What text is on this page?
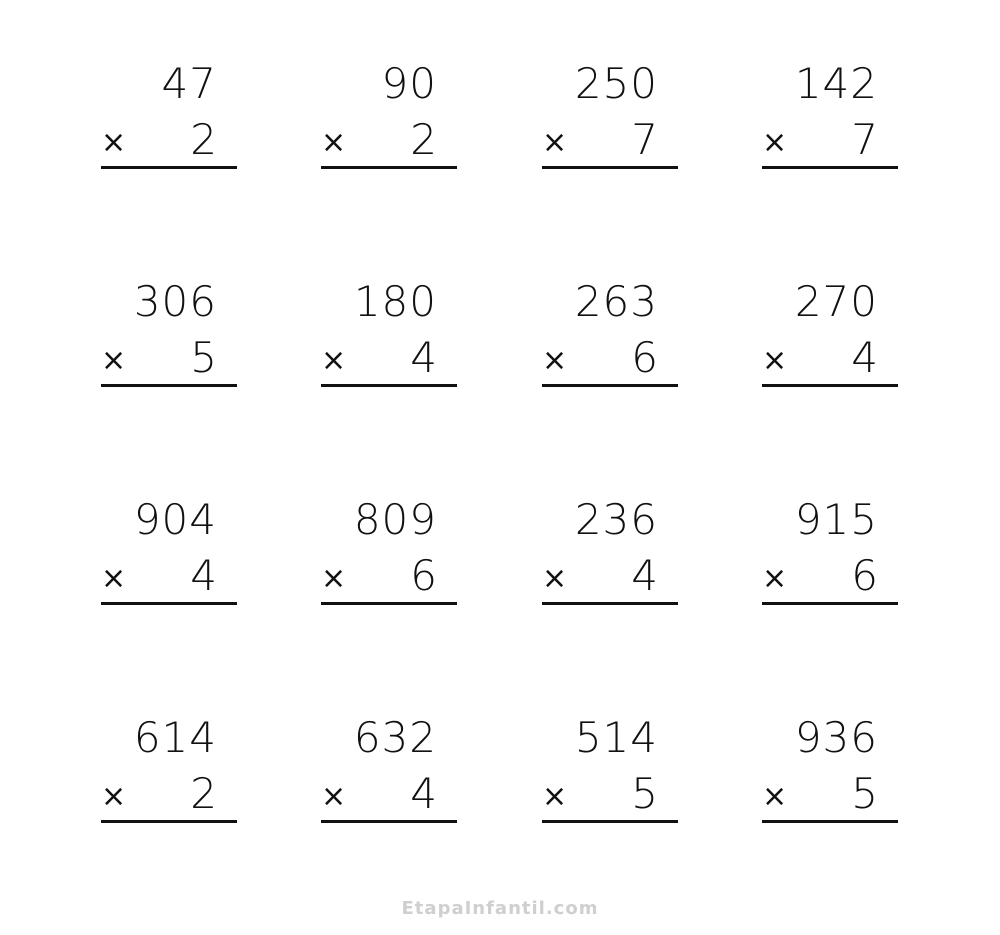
47
× 2
90
× 2
250
× 7
142
× 7
306
× 5
180
× 4
263
× 6
270
× 4
904
× 4
809
× 6
236
× 4
915
× 6
614
× 2
632
× 4
514
× 5
936
× 5
EtapaInfantil.com
